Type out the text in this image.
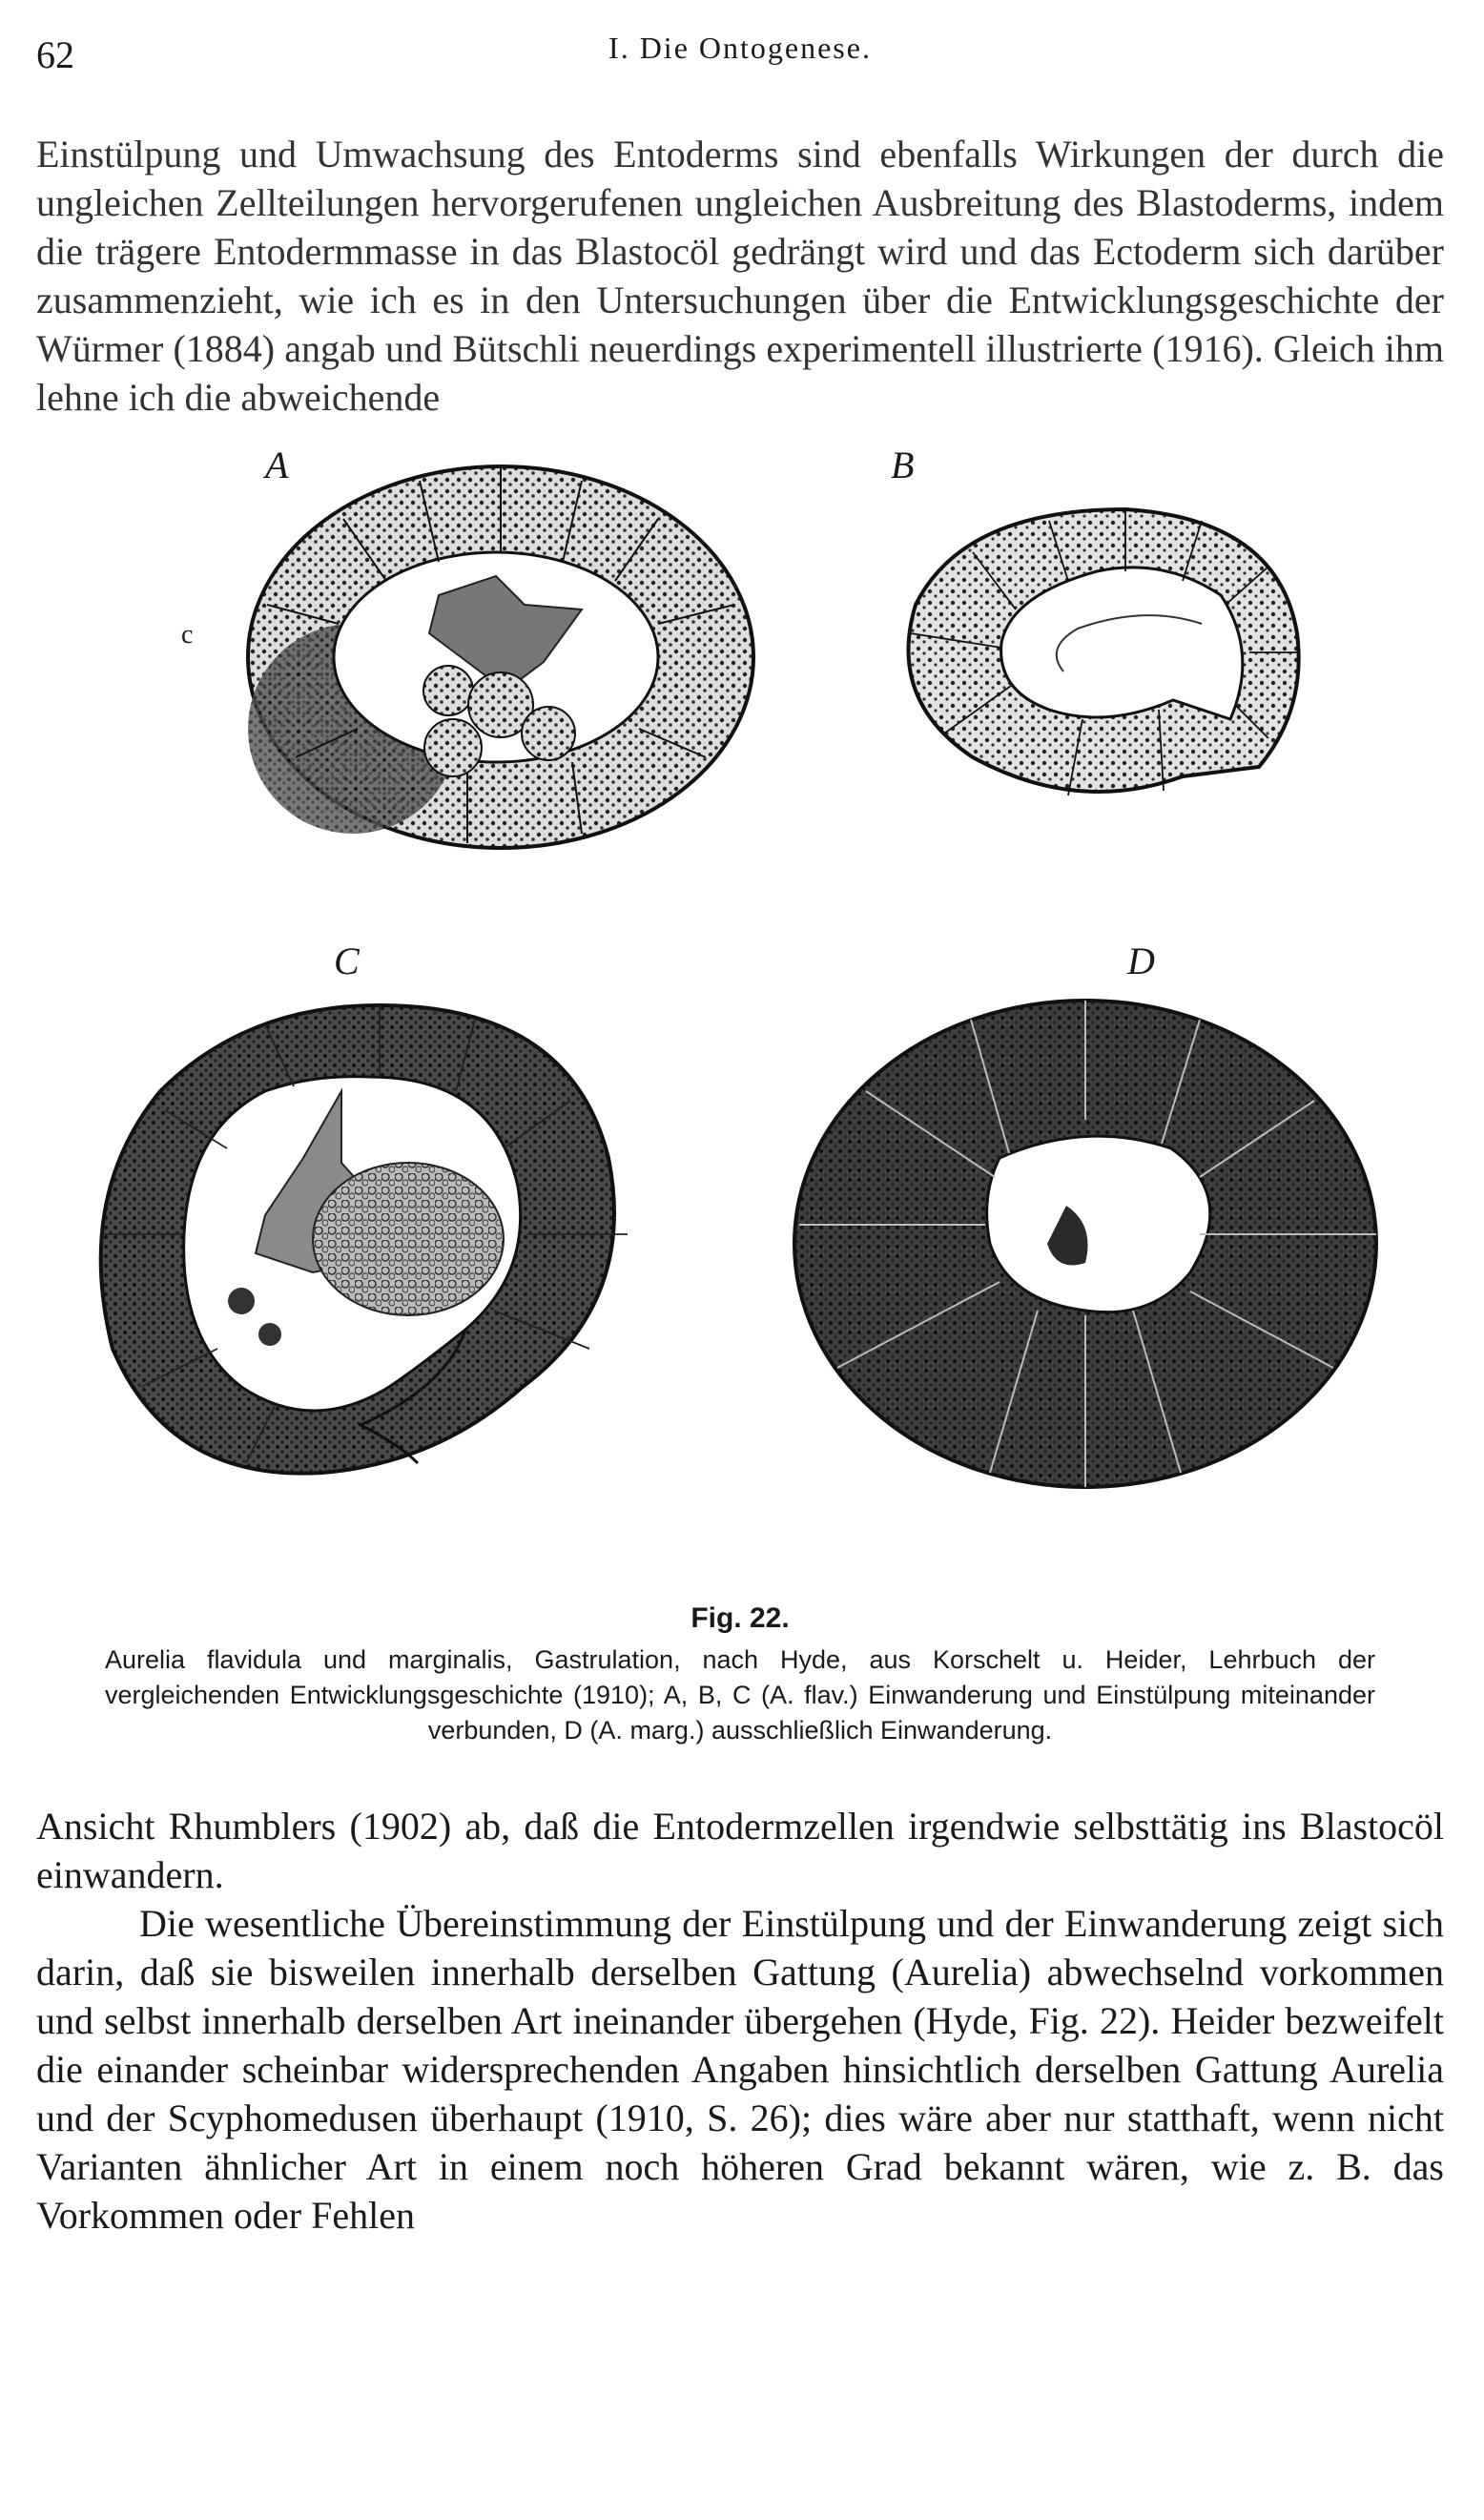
62	I. Die Ontogenese.

Einstülpung und Umwachsung des Entoderms sind ebenfalls Wirkungen der durch die ungleichen Zellteilungen hervorgerufenen ungleichen Ausbreitung des Blastoderms, indem die trägere Entodermmasse in das Blastocöl gedrängt wird und das Ectoderm sich darüber zusammenzieht, wie ich es in den Untersuchungen über die Entwicklungsgeschichte der Würmer (1884) angab und Bütschli neuerdings experimentell illustrierte (1916). Gleich ihm lehne ich die abweichende

A
c
B
C	D
Fig. 22.
Aurelia flavidula und marginalis, Gastrulation, nach Hyde, aus Korschelt u. Heider, Lehrbuch der vergleichenden Entwicklungsgeschichte (1910); A, B, C (A. flav.) Einwanderung und Einstülpung miteinander verbunden, D (A. marg.) ausschließlich Einwanderung.

Ansicht Rhumblers (1902) ab, daß die Entodermzellen irgendwie selbsttätig ins Blastocöl einwandern.

Die wesentliche Übereinstimmung der Einstülpung und der Einwanderung zeigt sich darin, daß sie bisweilen innerhalb derselben Gattung (Aurelia) abwechselnd vorkommen und selbst innerhalb derselben Art ineinander übergehen (Hyde, Fig. 22). Heider bezweifelt die einander scheinbar widersprechenden Angaben hinsichtlich derselben Gattung Aurelia und der Scyphomedusen überhaupt (1910, S. 26); dies wäre aber nur statthaft, wenn nicht Varianten ähnlicher Art in einem noch höheren Grad bekannt wären, wie z. B. das Vorkommen oder Fehlen
